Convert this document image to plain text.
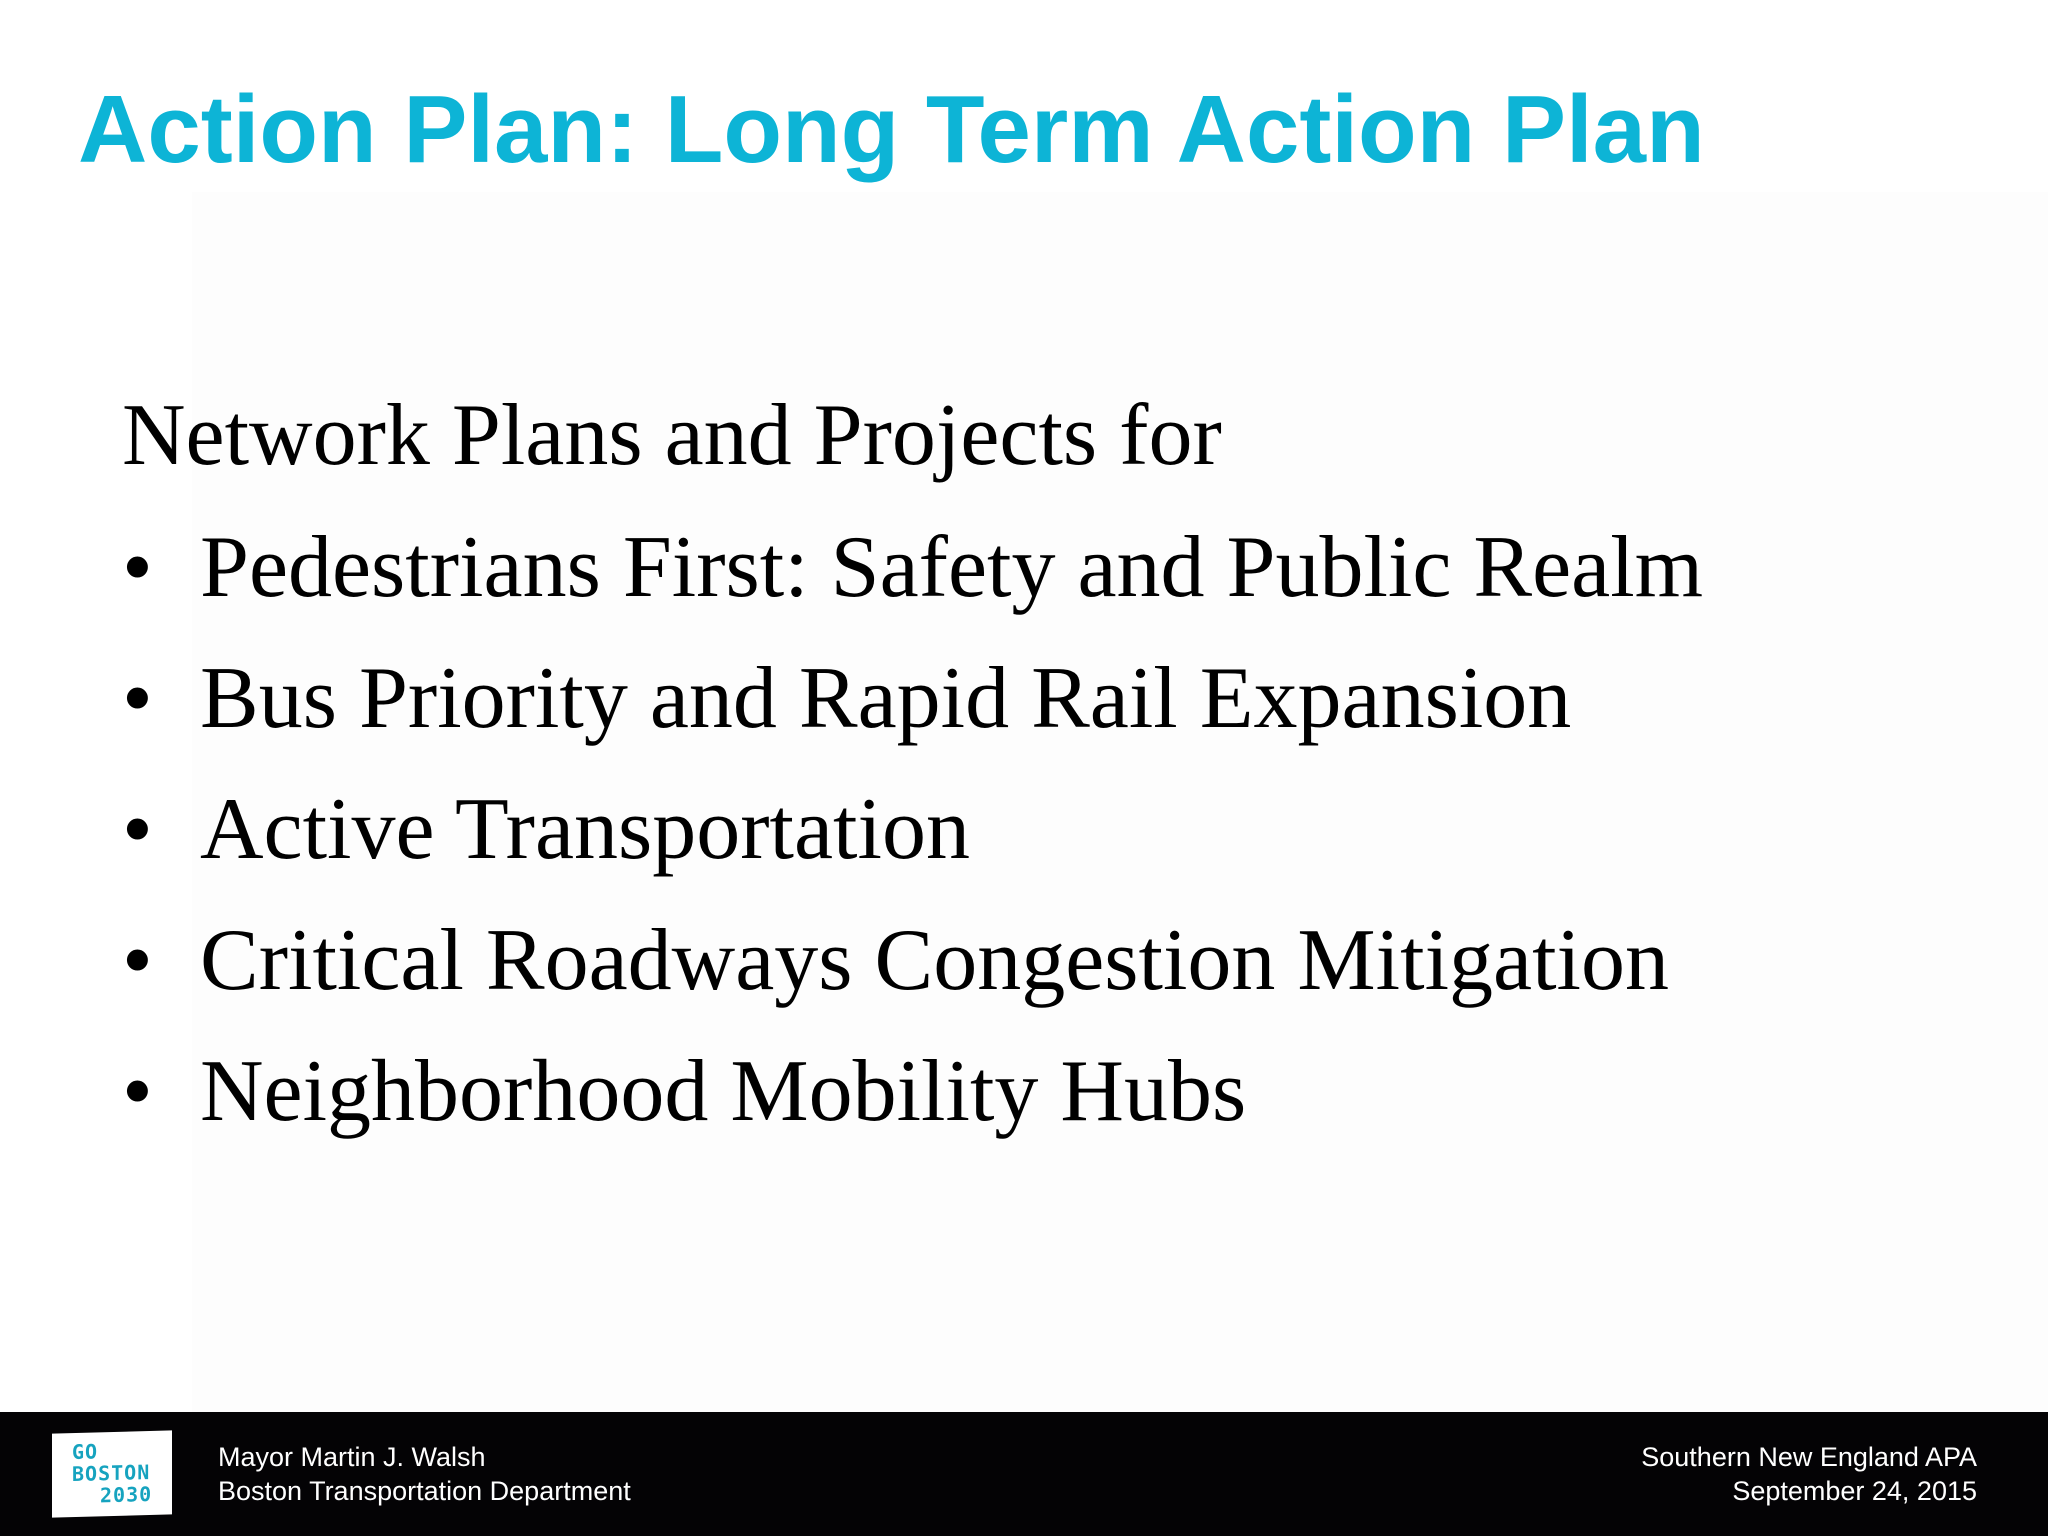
Action Plan: Long Term Action Plan
Network Plans and Projects for
• Pedestrians First: Safety and Public Realm
• Bus Priority and Rapid Rail Expansion
• Active Transportation
• Critical Roadways Congestion Mitigation
• Neighborhood Mobility Hubs
GO
BOSTON
2030
Mayor Martin J. Walsh
Boston Transportation Department
Southern New England APA
September 24, 2015
